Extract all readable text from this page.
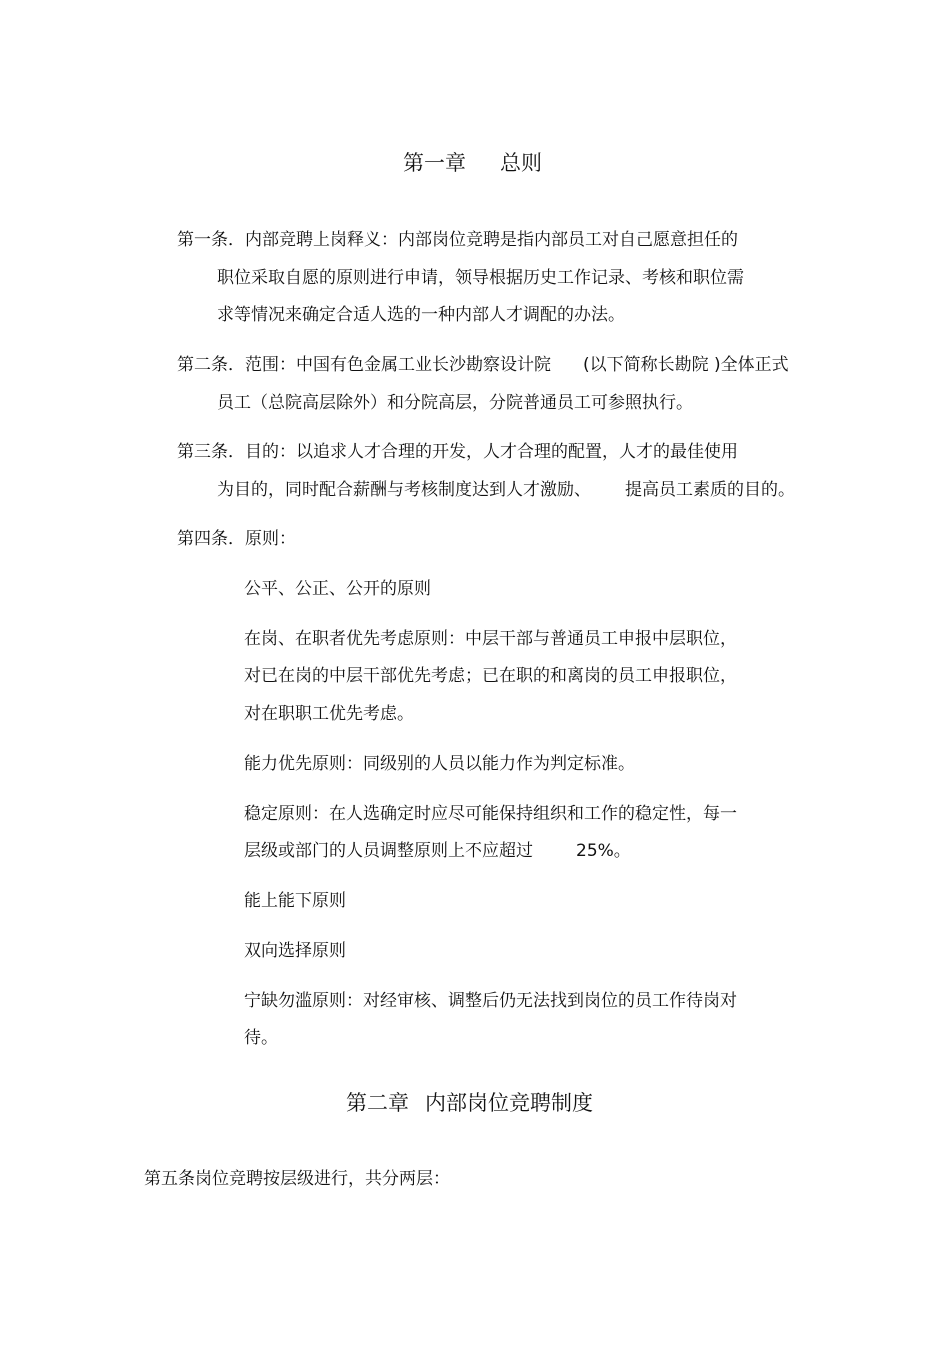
第一章 总则
第一条．内部竞聘上岗释义：内部岗位竞聘是指内部员工对自己愿意担任的
职位采取自愿的原则进行申请，领导根据历史工作记录、考核和职位需
求等情况来确定合适人选的一种内部人才调配的办法。
第二条．范围：中国有色金属工业长沙勘察设计院 (以下简称长勘院 )全体正式
员工（总院高层除外）和分院高层，分院普通员工可参照执行。
第三条．目的：以追求人才合理的开发，人才合理的配置，人才的最佳使用
为目的，同时配合薪酬与考核制度达到人才激励、 提高员工素质的目的。
第四条．原则：
公平、公正、公开的原则
在岗、在职者优先考虑原则：中层干部与普通员工申报中层职位，
对已在岗的中层干部优先考虑；已在职的和离岗的员工申报职位，
对在职职工优先考虑。
能力优先原则：同级别的人员以能力作为判定标准。
稳定原则：在人选确定时应尽可能保持组织和工作的稳定性，每一
层级或部门的人员调整原则上不应超过	25%。
能上能下原则
双向选择原则
宁缺勿滥原则：对经审核、调整后仍无法找到岗位的员工作待岗对
待。
第二章 内部岗位竞聘制度
第五条岗位竞聘按层级进行，共分两层：
